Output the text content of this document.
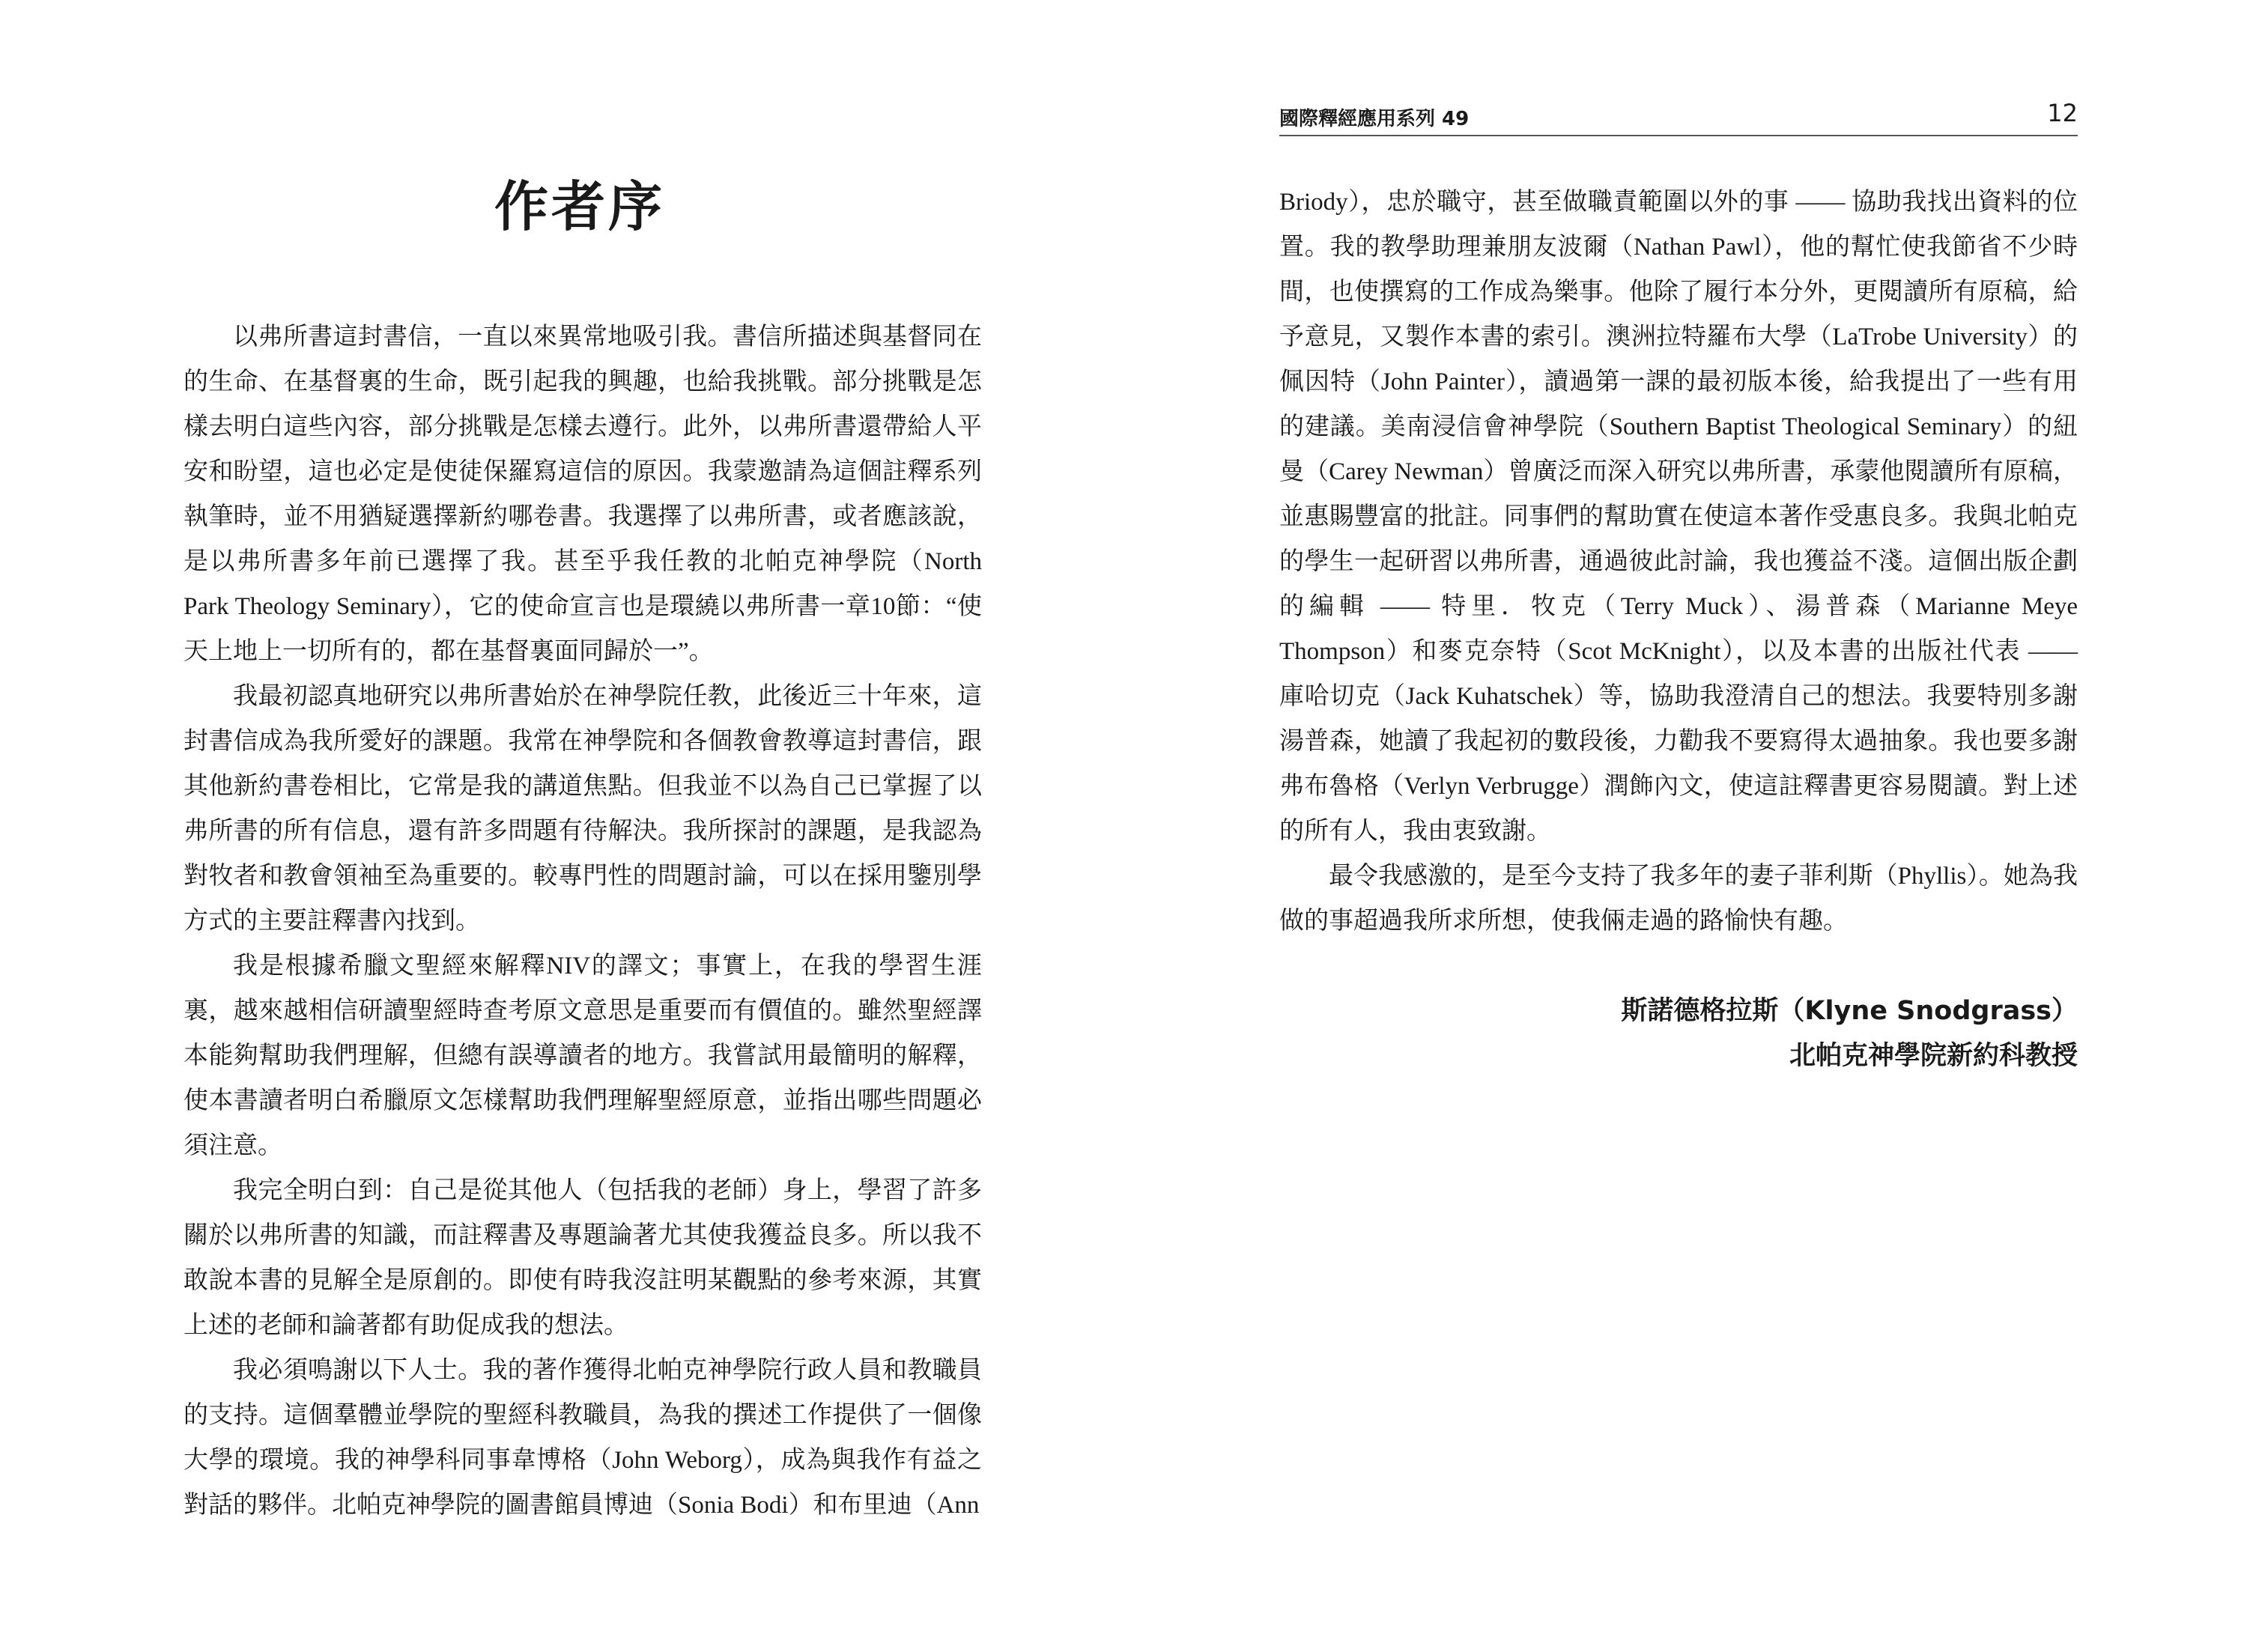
作者序

以弗所書這封書信，一直以來異常地吸引我。書信所描述與基督同在的生命、在基督裏的生命，既引起我的興趣，也給我挑戰。部分挑戰是怎樣去明白這些內容，部分挑戰是怎樣去遵行。此外，以弗所書還帶給人平安和盼望，這也必定是使徒保羅寫這信的原因。我蒙邀請為這個註釋系列執筆時，並不用猶疑選擇新約哪卷書。我選擇了以弗所書，或者應該說，是以弗所書多年前已選擇了我。甚至乎我任教的北帕克神學院（North Park Theology Seminary），它的使命宣言也是環繞以弗所書一章10節：“使天上地上一切所有的，都在基督裏面同歸於一”。

我最初認真地研究以弗所書始於在神學院任教，此後近三十年來，這封書信成為我所愛好的課題。我常在神學院和各個教會教導這封書信，跟其他新約書卷相比，它常是我的講道焦點。但我並不以為自己已掌握了以弗所書的所有信息，還有許多問題有待解決。我所探討的課題，是我認為對牧者和教會領袖至為重要的。較專門性的問題討論，可以在採用鑒別學方式的主要註釋書內找到。

我是根據希臘文聖經來解釋NIV的譯文；事實上，在我的學習生涯裏，越來越相信研讀聖經時查考原文意思是重要而有價值的。雖然聖經譯本能夠幫助我們理解，但總有誤導讀者的地方。我嘗試用最簡明的解釋，使本書讀者明白希臘原文怎樣幫助我們理解聖經原意，並指出哪些問題必須注意。

我完全明白到：自己是從其他人（包括我的老師）身上，學習了許多關於以弗所書的知識，而註釋書及專題論著尤其使我獲益良多。所以我不敢說本書的見解全是原創的。即使有時我沒註明某觀點的參考來源，其實上述的老師和論著都有助促成我的想法。

我必須鳴謝以下人士。我的著作獲得北帕克神學院行政人員和教職員的支持。這個羣體並學院的聖經科教職員，為我的撰述工作提供了一個像大學的環境。我的神學科同事韋博格（John Weborg），成為與我作有益之對話的夥伴。北帕克神學院的圖書館員博迪（Sonia Bodi）和布里迪（Ann

國際釋經應用系列 49	12

Briody），忠於職守，甚至做職責範圍以外的事 —— 協助我找出資料的位置。我的教學助理兼朋友波爾（Nathan Pawl），他的幫忙使我節省不少時間，也使撰寫的工作成為樂事。他除了履行本分外，更閱讀所有原稿，給予意見，又製作本書的索引。澳洲拉特羅布大學（LaTrobe University）的佩因特（John Painter），讀過第一課的最初版本後，給我提出了一些有用的建議。美南浸信會神學院（Southern Baptist Theological Seminary）的紐曼（Carey Newman）曾廣泛而深入研究以弗所書，承蒙他閱讀所有原稿，並惠賜豐富的批註。同事們的幫助實在使這本著作受惠良多。我與北帕克的學生一起研習以弗所書，通過彼此討論，我也獲益不淺。這個出版企劃的編輯 —— 特里．牧克（Terry Muck）、湯普森（Marianne Meye Thompson）和麥克奈特（Scot McKnight），以及本書的出版社代表 —— 庫哈切克（Jack Kuhatschek）等，協助我澄清自己的想法。我要特別多謝湯普森，她讀了我起初的數段後，力勸我不要寫得太過抽象。我也要多謝弗布魯格（Verlyn Verbrugge）潤飾內文，使這註釋書更容易閱讀。對上述的所有人，我由衷致謝。

最令我感激的，是至今支持了我多年的妻子菲利斯（Phyllis）。她為我做的事超過我所求所想，使我倆走過的路愉快有趣。

斯諾德格拉斯（Klyne Snodgrass）
北帕克神學院新約科教授
